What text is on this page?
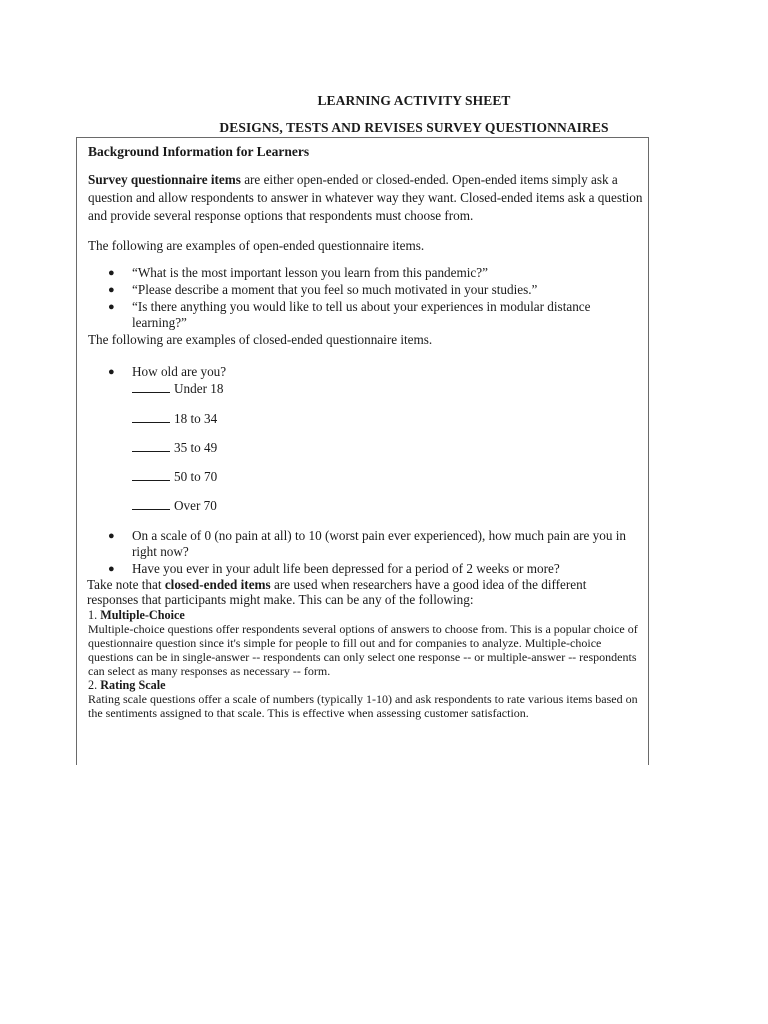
LEARNING ACTIVITY SHEET
DESIGNS, TESTS AND REVISES SURVEY QUESTIONNAIRES
Background Information for Learners

Survey questionnaire items are either open-ended or closed-ended. Open-ended items simply ask a question and allow respondents to answer in whatever way they want. Closed-ended items ask a question and provide several response options that respondents must choose from.

The following are examples of open-ended questionnaire items.

● “What is the most important lesson you learn from this pandemic?”
● “Please describe a moment that you feel so much motivated in your studies.”
● “Is there anything you would like to tell us about your experiences in modular distance learning?”

The following are examples of closed-ended questionnaire items.

● How old are you?
Under 18
18 to 34
35 to 49
50 to 70
Over 70
● On a scale of 0 (no pain at all) to 10 (worst pain ever experienced), how much pain are you in right now?
● Have you ever in your adult life been depressed for a period of 2 weeks or more?

Take note that closed-ended items are used when researchers have a good idea of the different responses that participants might make. This can be any of the following:

1. Multiple-Choice
Multiple-choice questions offer respondents several options of answers to choose from. This is a popular choice of questionnaire question since it's simple for people to fill out and for companies to analyze. Multiple-choice questions can be in single-answer -- respondents can only select one response -- or multiple-answer -- respondents can select as many responses as necessary -- form.
2. Rating Scale
Rating scale questions offer a scale of numbers (typically 1-10) and ask respondents to rate various items based on the sentiments assigned to that scale. This is effective when assessing customer satisfaction.
